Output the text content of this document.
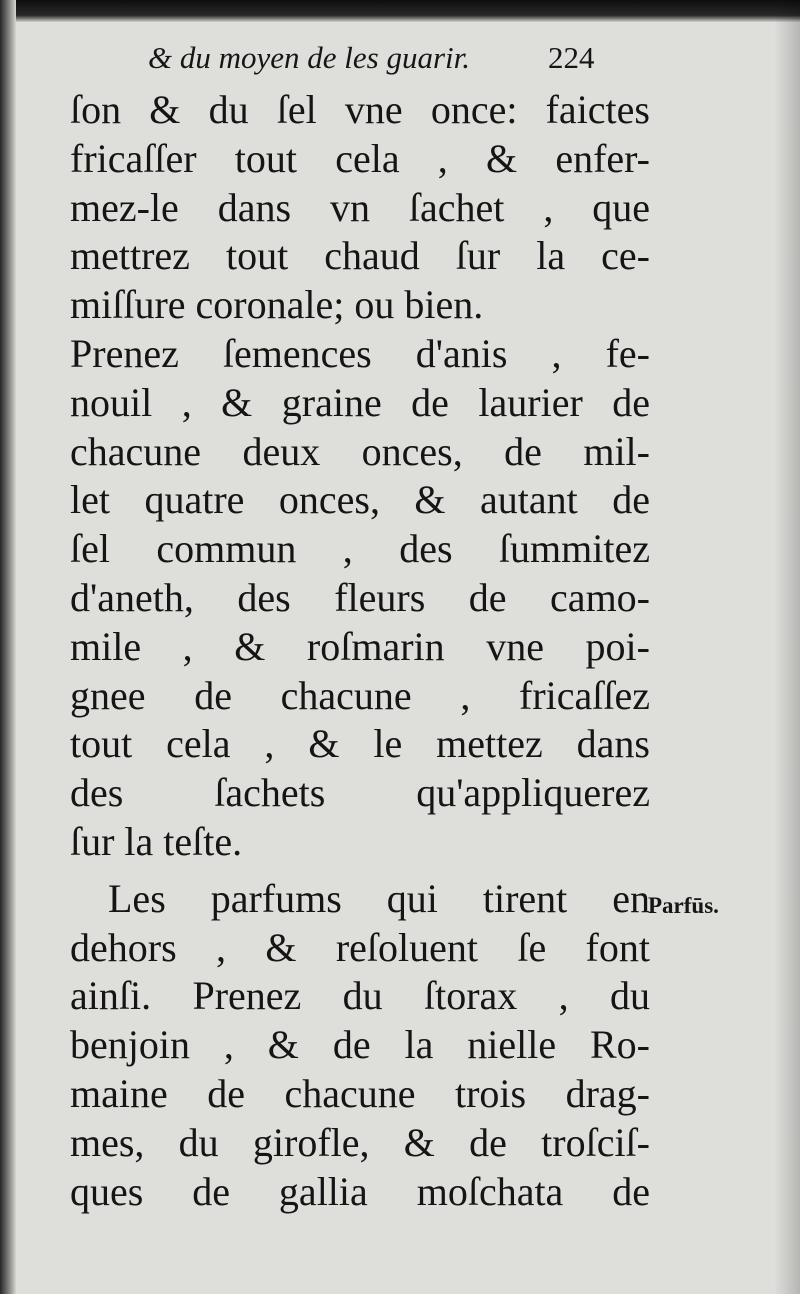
& du moyen de les guarir.	224
ſon & du ſel vne once: faictes
fricaſſer tout cela , & enfer-
mez-le dans vn ſachet , que
mettrez tout chaud ſur la ce-
miſſure coronale; ou bien.
Prenez ſemences d'anis , fe-
nouil , & graine de laurier de
chacune deux onces, de mil-
let quatre onces, & autant de
ſel commun , des ſummitez
d'aneth, des fleurs de camo-
mile , & roſmarin vne poi-
gnee de chacune , fricaſſez
tout cela , & le mettez dans
des ſachets qu'appliquerez
ſur la teſte.
Les parfums qui tirent en
dehors , & reſoluent ſe font
ainſi. Prenez du ſtorax , du
benjoin , & de la nielle Ro-
maine de chacune trois drag-
mes, du girofle, & de troſciſ-
ques de gallia moſchata de
Parfūs.
